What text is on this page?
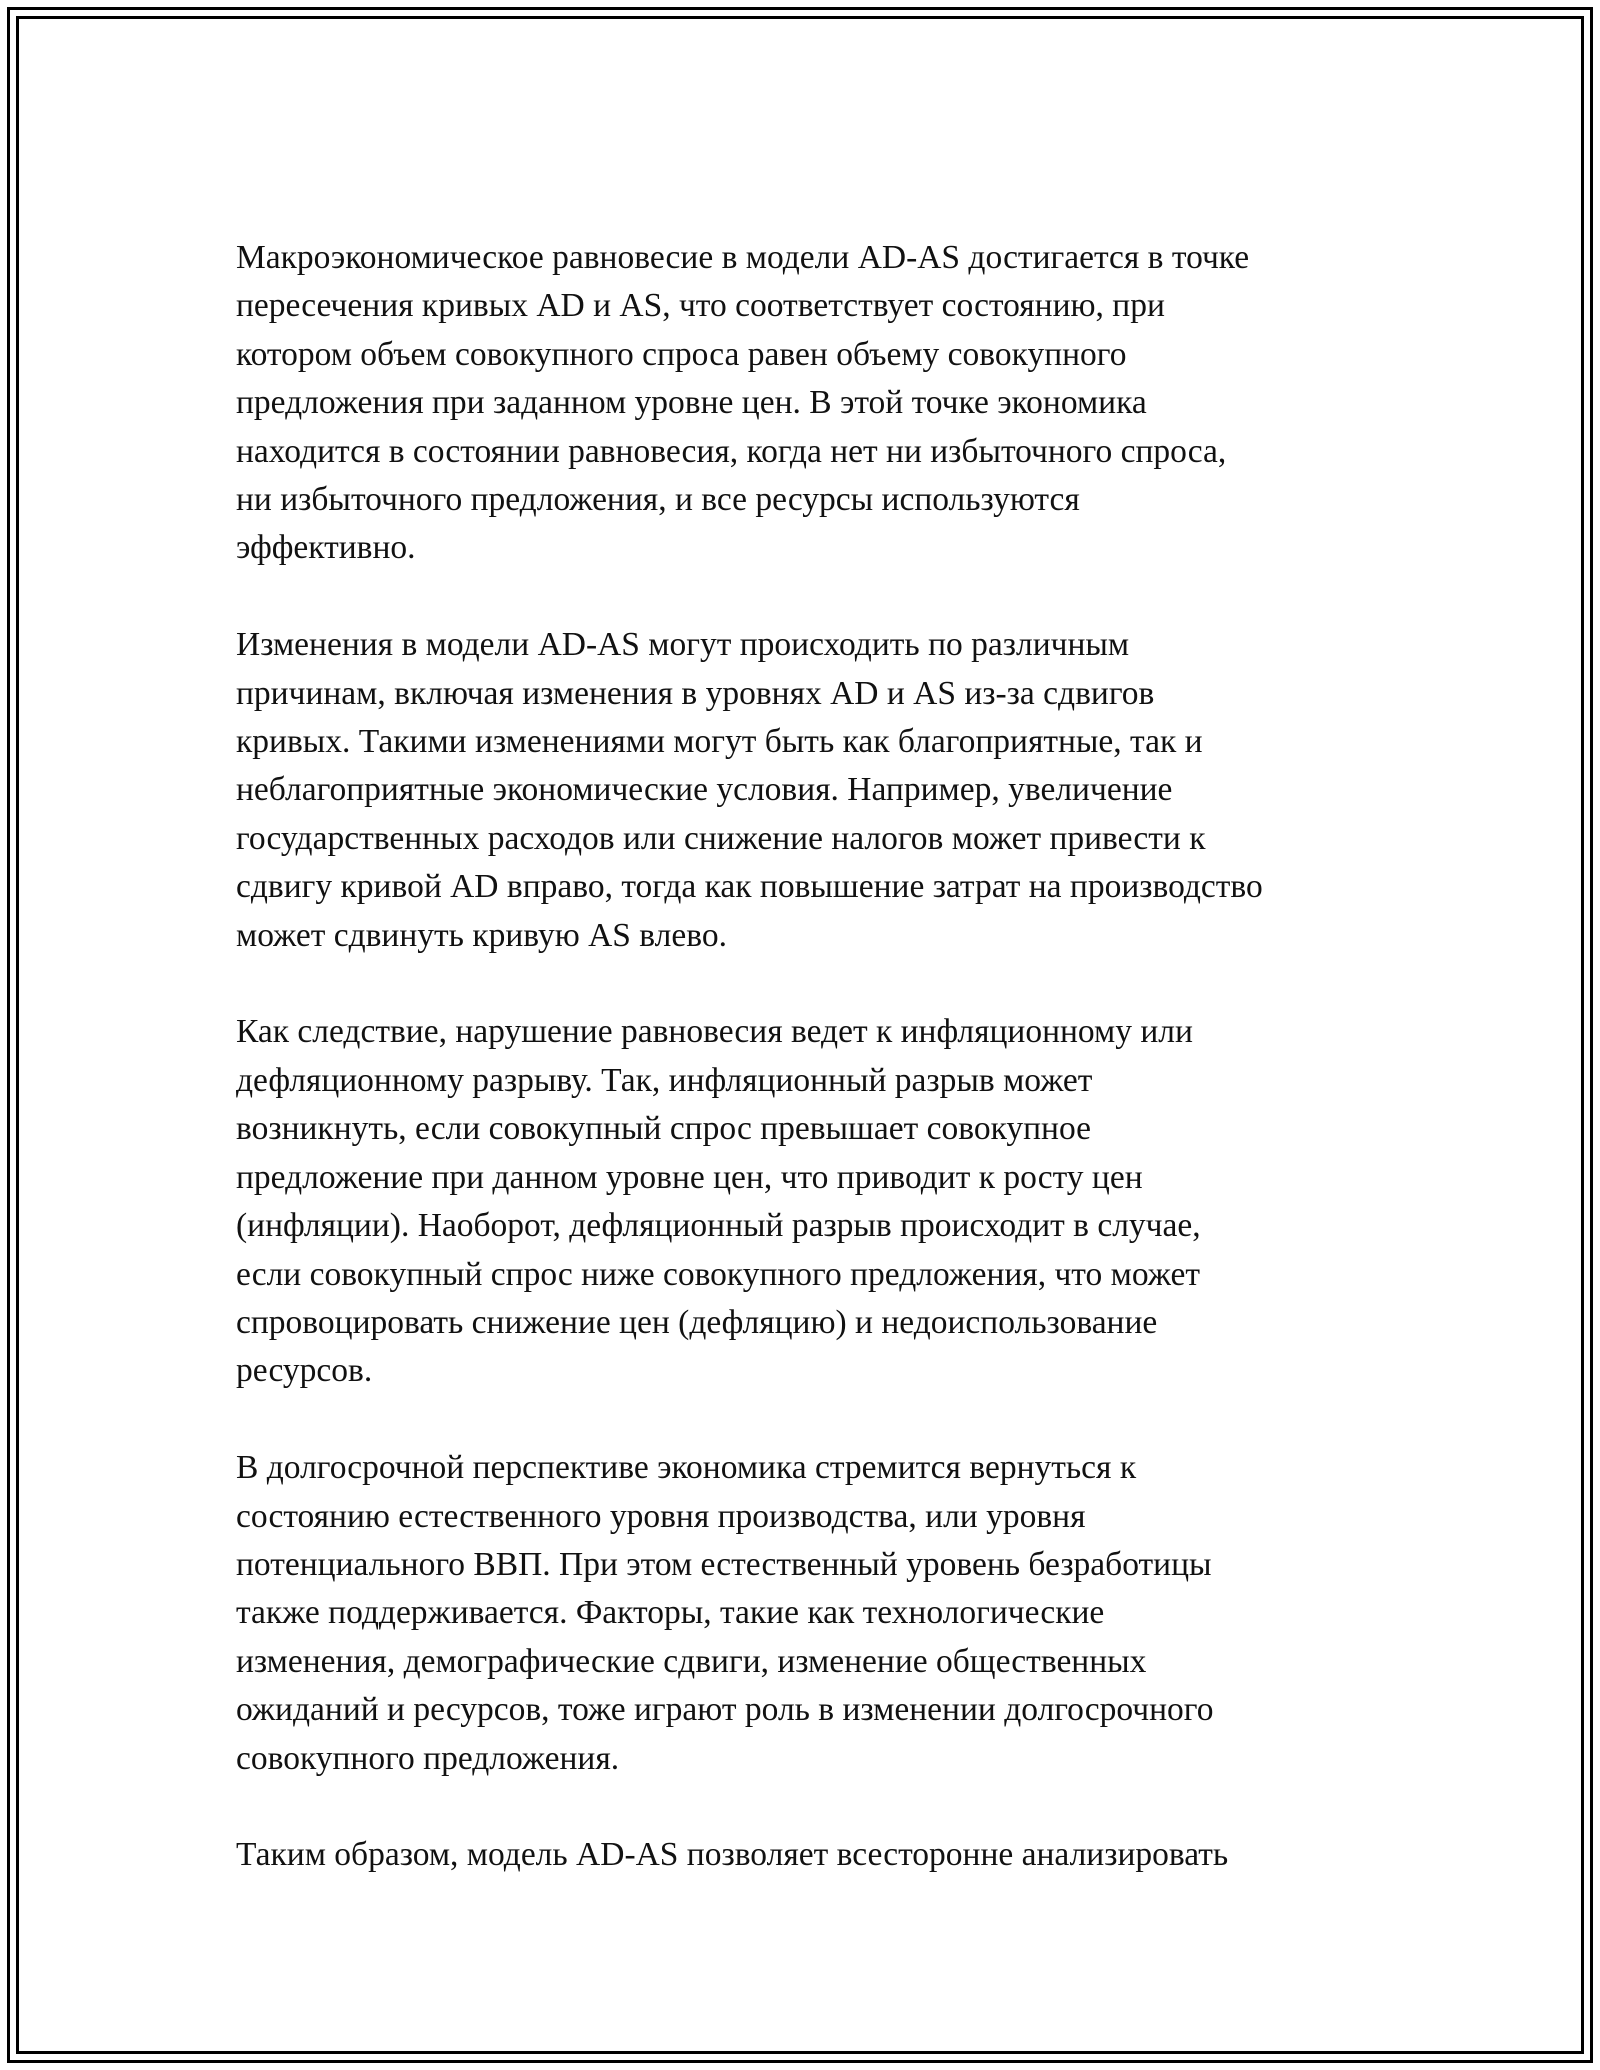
Макроэкономическое равновесие в модели AD-AS достигается в точке
пересечения кривых AD и AS, что соответствует состоянию, при
котором объем совокупного спроса равен объему совокупного
предложения при заданном уровне цен. В этой точке экономика
находится в состоянии равновесия, когда нет ни избыточного спроса,
ни избыточного предложения, и все ресурсы используются
эффективно.

Изменения в модели AD-AS могут происходить по различным
причинам, включая изменения в уровнях AD и AS из-за сдвигов
кривых. Такими изменениями могут быть как благоприятные, так и
неблагоприятные экономические условия. Например, увеличение
государственных расходов или снижение налогов может привести к
сдвигу кривой AD вправо, тогда как повышение затрат на производство
может сдвинуть кривую AS влево.

Как следствие, нарушение равновесия ведет к инфляционному или
дефляционному разрыву. Так, инфляционный разрыв может
возникнуть, если совокупный спрос превышает совокупное
предложение при данном уровне цен, что приводит к росту цен
(инфляции). Наоборот, дефляционный разрыв происходит в случае,
если совокупный спрос ниже совокупного предложения, что может
спровоцировать снижение цен (дефляцию) и недоиспользование
ресурсов.

В долгосрочной перспективе экономика стремится вернуться к
состоянию естественного уровня производства, или уровня
потенциального ВВП. При этом естественный уровень безработицы
также поддерживается. Факторы, такие как технологические
изменения, демографические сдвиги, изменение общественных
ожиданий и ресурсов, тоже играют роль в изменении долгосрочного
совокупного предложения.

Таким образом, модель AD-AS позволяет всесторонне анализировать
